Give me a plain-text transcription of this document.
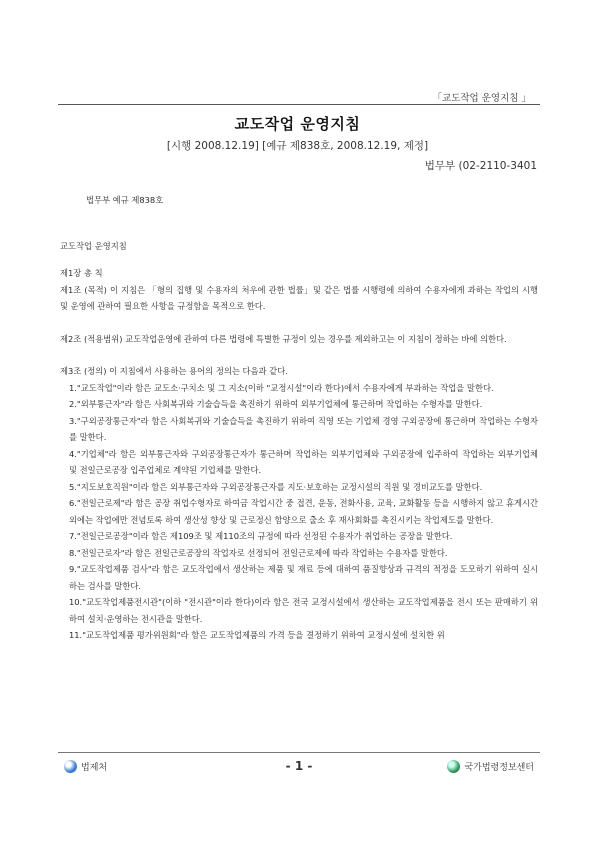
「교도작업 운영지침 」
교도작업 운영지침
[시행 2008.12.19] [예규 제838호, 2008.12.19, 제정]
법무부 (02-2110-3401
법무부 예규 제838호
교도작업 운영지침

제1장 총 칙

제1조 (목적) 이 지침은 「형의 집행 및 수용자의 처우에 관한 법률」및 같은 법률 시행령에 의하여 수용자에게 과하는 작업의 시행 및 운영에 관하여 필요한 사항을 규정함을 목적으로 한다.

제2조 (적용범위) 교도작업운영에 관하여 다른 법령에 특별한 규정이 있는 경우를 제외하고는 이 지침이 정하는 바에 의한다.

제3조 (정의) 이 지침에서 사용하는 용어의 정의는 다음과 같다.

1."교도작업"이라 함은 교도소·구치소 및 그 지소(이하 "교정시설"이라 한다)에서 수용자에게 부과하는 작업을 말한다.

2."외부통근자"라 함은 사회복귀와 기술습득을 촉진하기 위하여 외부기업체에 통근하며 작업하는 수형자를 말한다.

3."구외공장통근자"라 함은 사회복귀와 기술습득을 촉진하기 위하여 직영 또는 기업체 경영 구외공장에 통근하며 작업하는 수형자를 말한다.

4."기업체"라 함은 외부통근자와 구외공장통근자가 통근하며 작업하는 외부기업체와 구외공장에 입주하여 작업하는 외부기업체 및 전일근로공장 입주업체로 계약된 기업체를 말한다.

5."지도보호직원"이라 함은 외부통근자와 구외공장통근자를 지도·보호하는 교정시설의 직원 및 경비교도를 말한다.

6."전일근로제"라 함은 공장 취업수형자로 하여금 작업시간 중 접견, 운동, 전화사용, 교육, 교화활동 등을 시행하지 않고 휴게시간 외에는 작업에만 전념토록 하여 생산성 향상 및 근로정신 함양으로 출소 후 재사회화를 촉진시키는 작업제도를 말한다.

7."전일근로공장"이라 함은 제109조 및 제110조의 규정에 따라 선정된 수용자가 취업하는 공장을 말한다.

8."전일근로자"라 함은 전일근로공장의 작업자로 선정되어 전일근로제에 따라 작업하는 수용자를 말한다.

9."교도작업제품 검사"라 함은 교도작업에서 생산하는 제품 및 재료 등에 대하여 품질향상과 규격의 적정을 도모하기 위하여 실시하는 검사를 말한다.

10."교도작업제품전시관"(이하 "전시관"이라 한다)이라 함은 전국 교정시설에서 생산하는 교도작업제품을 전시 또는 판매하기 위하여 설치·운영하는 전시관을 말한다.

11."교도작업제품 평가위원회"라 함은 교도작업제품의 가격 등을 결정하기 위하여 교정시설에 설치한 위

법제처	- 1 -	국가법령정보센터
